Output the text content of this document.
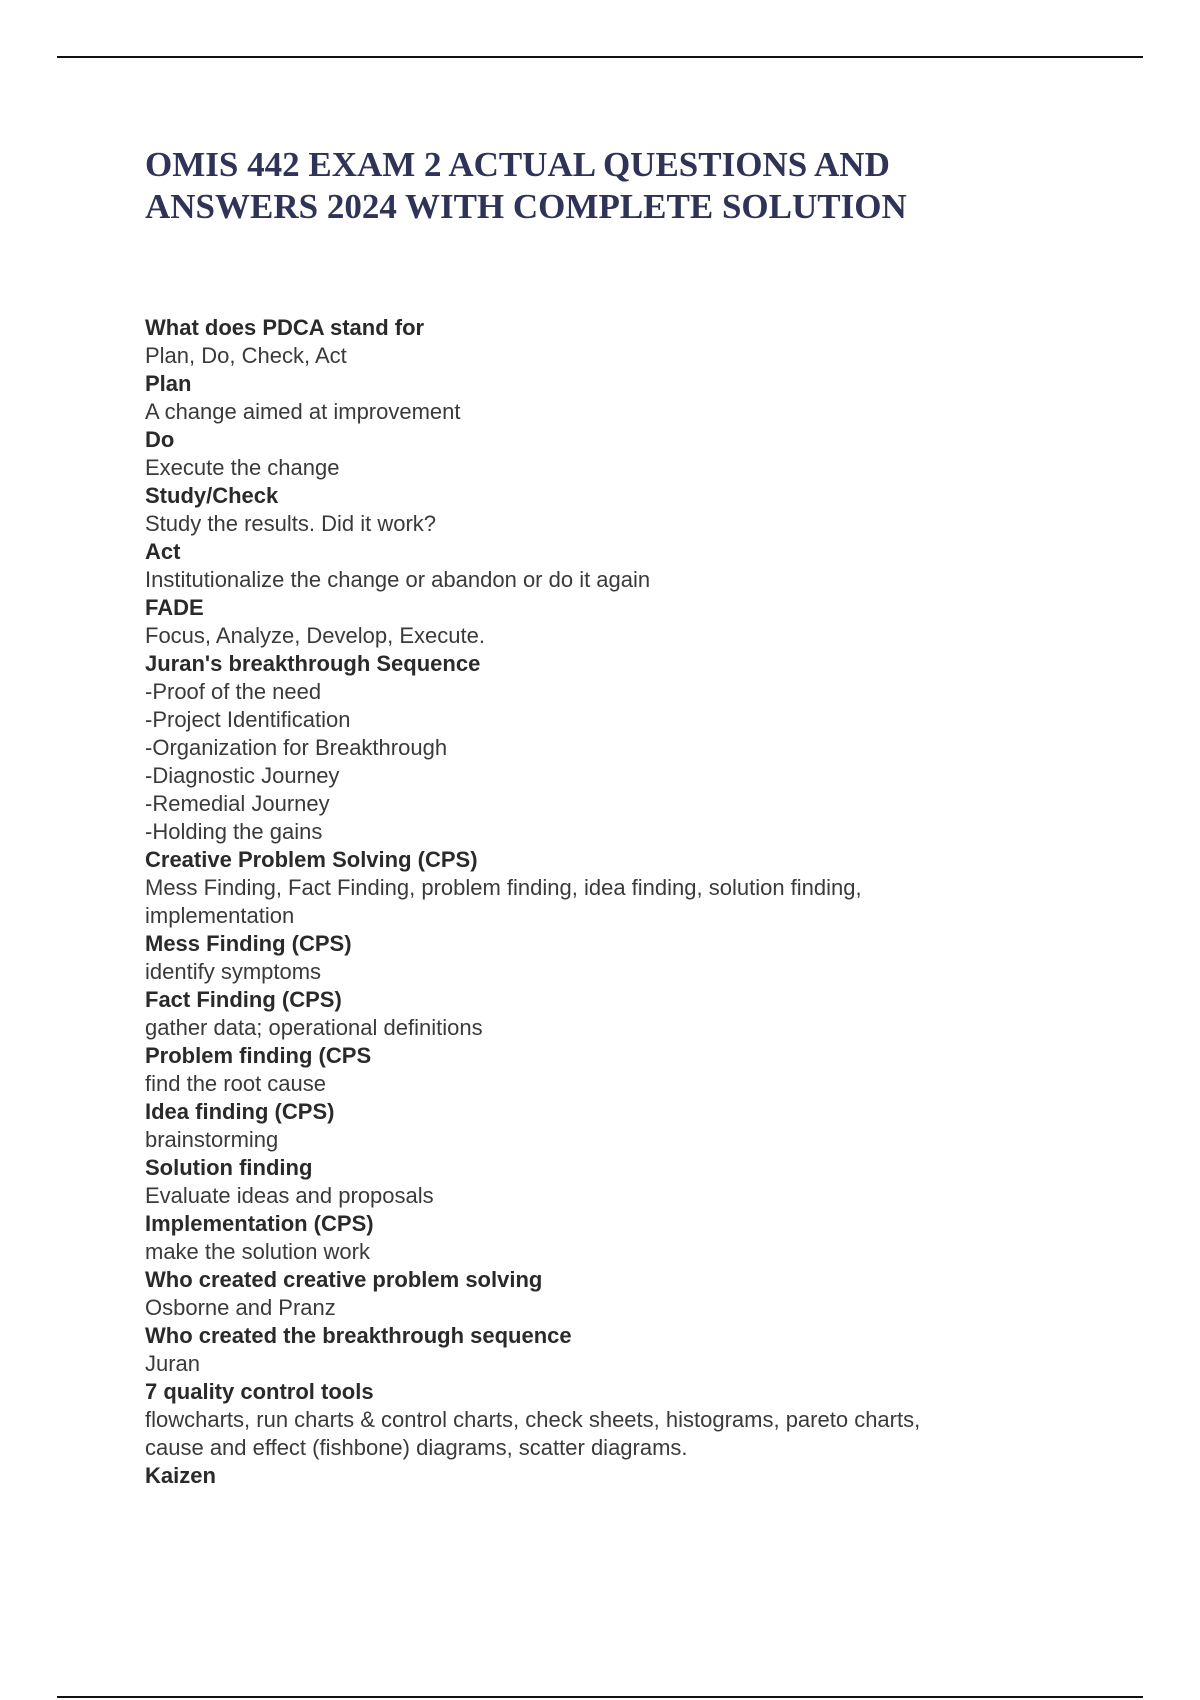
OMIS 442 EXAM 2 ACTUAL QUESTIONS AND
ANSWERS 2024 WITH COMPLETE SOLUTION
What does PDCA stand for
Plan, Do, Check, Act
Plan
A change aimed at improvement
Do
Execute the change
Study/Check
Study the results. Did it work?
Act
Institutionalize the change or abandon or do it again
FADE
Focus, Analyze, Develop, Execute.
Juran's breakthrough Sequence
-Proof of the need
-Project Identification
-Organization for Breakthrough
-Diagnostic Journey
-Remedial Journey
-Holding the gains
Creative Problem Solving (CPS)
Mess Finding, Fact Finding, problem finding, idea finding, solution finding,
implementation
Mess Finding (CPS)
identify symptoms
Fact Finding (CPS)
gather data; operational definitions
Problem finding (CPS
find the root cause
Idea finding (CPS)
brainstorming
Solution finding
Evaluate ideas and proposals
Implementation (CPS)
make the solution work
Who created creative problem solving
Osborne and Pranz
Who created the breakthrough sequence
Juran
7 quality control tools
flowcharts, run charts & control charts, check sheets, histograms, pareto charts,
cause and effect (fishbone) diagrams, scatter diagrams.
Kaizen
